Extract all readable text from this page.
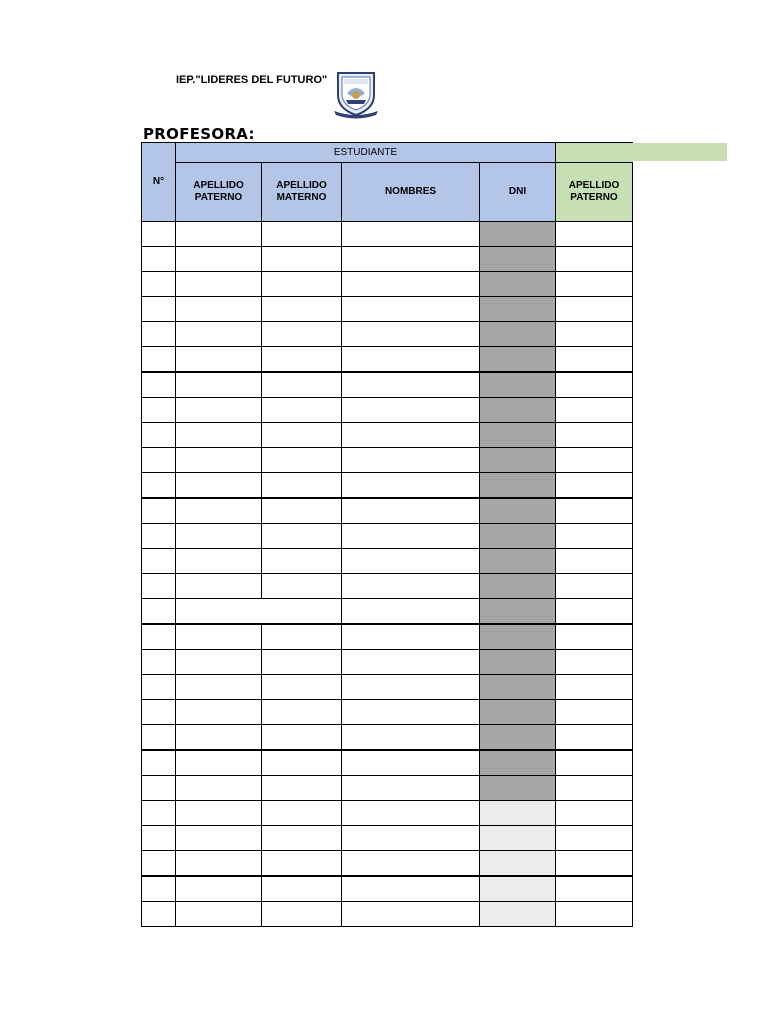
IEP."LIDERES DEL FUTURO"
PROFESORA:
N°	ESTUDIANTE				
	APELLIDO PATERNO	APELLIDO MATERNO	NOMBRES	DNI	APELLIDO PATERNO
